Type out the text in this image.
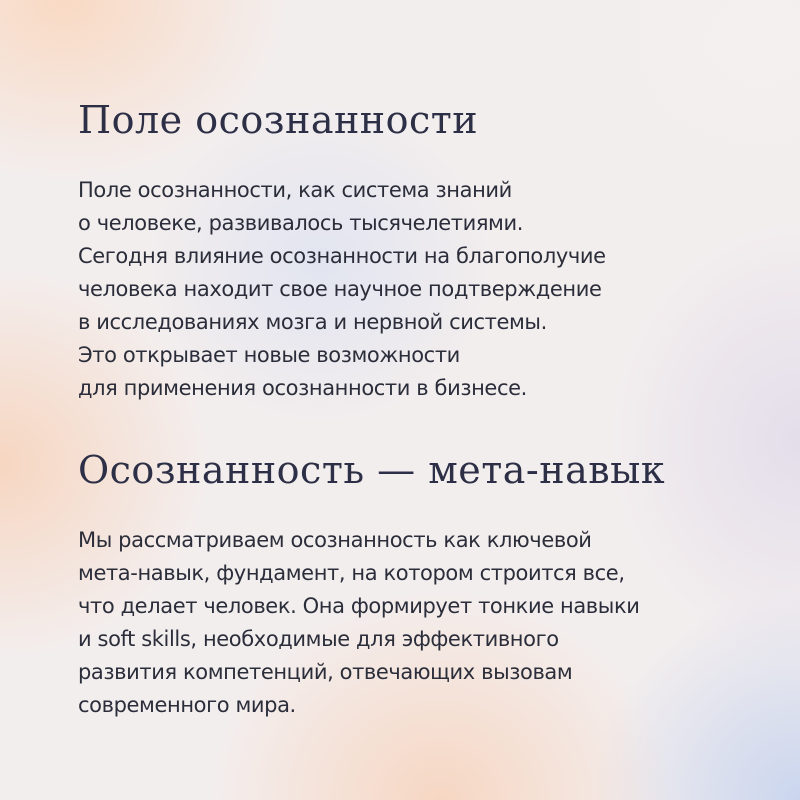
Поле осознанности

Поле осознанности, как система знаний
о человеке, развивалось тысячелетиями.
Сегодня влияние осознанности на благополучие
человека находит свое научное подтверждение
в исследованиях мозга и нервной системы.
Это открывает новые возможности
для применения осознанности в бизнесе.

Осознанность — мета-навык

Мы рассматриваем осознанность как ключевой
мета-навык, фундамент, на котором строится все,
что делает человек. Она формирует тонкие навыки
и soft skills, необходимые для эффективного
развития компетенций, отвечающих вызовам
современного мира.
